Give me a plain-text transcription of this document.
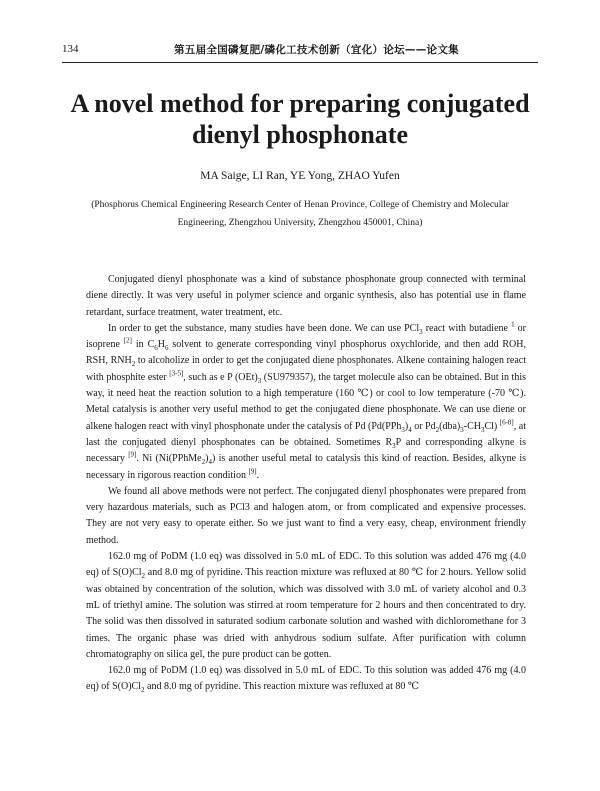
134	第五届全国磷复肥/磷化工技术创新（宜化）论坛——论文集
A novel method for preparing conjugated
dienyl phosphonate
MA Saige, LI Ran, YE Yong, ZHAO Yufen
(Phosphorus Chemical Engineering Research Center of Henan Province, College of Chemistry and Molecular
Engineering, Zhengzhou University, Zhengzhou 450001, China)

Conjugated dienyl phosphonate was a kind of substance phosphonate group connected with terminal diene directly. It was very useful in polymer science and organic synthesis, also has potential use in flame retardant, surface treatment, water treatment, etc.

In order to get the substance, many studies have been done. We can use PCl$_3$ react with butadiene $^1$ or isoprene [2] in $C_6H_6$ solvent to generate corresponding vinyl phosphorus oxychloride, and then add ROH, RSH, $RNH_2$ to alcoholize in order to get the conjugated diene phosphonates. Alkene containing halogen react with phosphite ester [3-5], such as e P $(OEt)_3$ (SU979357), the target molecule also can be obtained. But in this way, it need heat the reaction solution to a high temperature (160 ℃) or cool to low temperature (-70 ℃). Metal catalysis is another very useful method to get the conjugated diene phosphonate. We can use diene or alkene halogen react with vinyl phosphonate under the catalysis of Pd ($Pd(PPh_3)_4$ or $Pd_2(dba)_3-CH_3Cl$) [6-8], at last the conjugated dienyl phosphonates can be obtained. Sometimes $R_3P$ and corresponding alkyne is necessary [9]. Ni $(Ni(PPhMe_2)_4)$ is another useful metal to catalysis this kind of reaction. Besides, alkyne is necessary in rigorous reaction condition [9].

We found all above methods were not perfect. The conjugated dienyl phosphonates were prepared from very hazardous materials, such as PCl3 and halogen atom, or from complicated and expensive processes. They are not very easy to operate either. So we just want to find a very easy, cheap, environment friendly method.

162.0 mg of PoDM (1.0 eq) was dissolved in 5.0 mL of EDC. To this solution was added 476 mg (4.0 eq) of $S(O)Cl_2$ and 8.0 mg of pyridine. This reaction mixture was refluxed at 80 ℃ for 2 hours. Yellow solid was obtained by concentration of the solution, which was dissolved with 3.0 mL of variety alcohol and 0.3 mL of triethyl amine. The solution was stirred at room temperature for 2 hours and then concentrated to dry. The solid was then dissolved in saturated sodium carbonate solution and washed with dichloromethane for 3 times. The organic phase was dried with anhydrous sodium sulfate. After purification with column chromatography on silica gel, the pure product can be gotten.

162.0 mg of PoDM (1.0 eq) was dissolved in 5.0 mL of EDC. To this solution was added 476 mg (4.0 eq) of $S(O)Cl_2$ and 8.0 mg of pyridine. This reaction mixture was refluxed at 80 ℃
